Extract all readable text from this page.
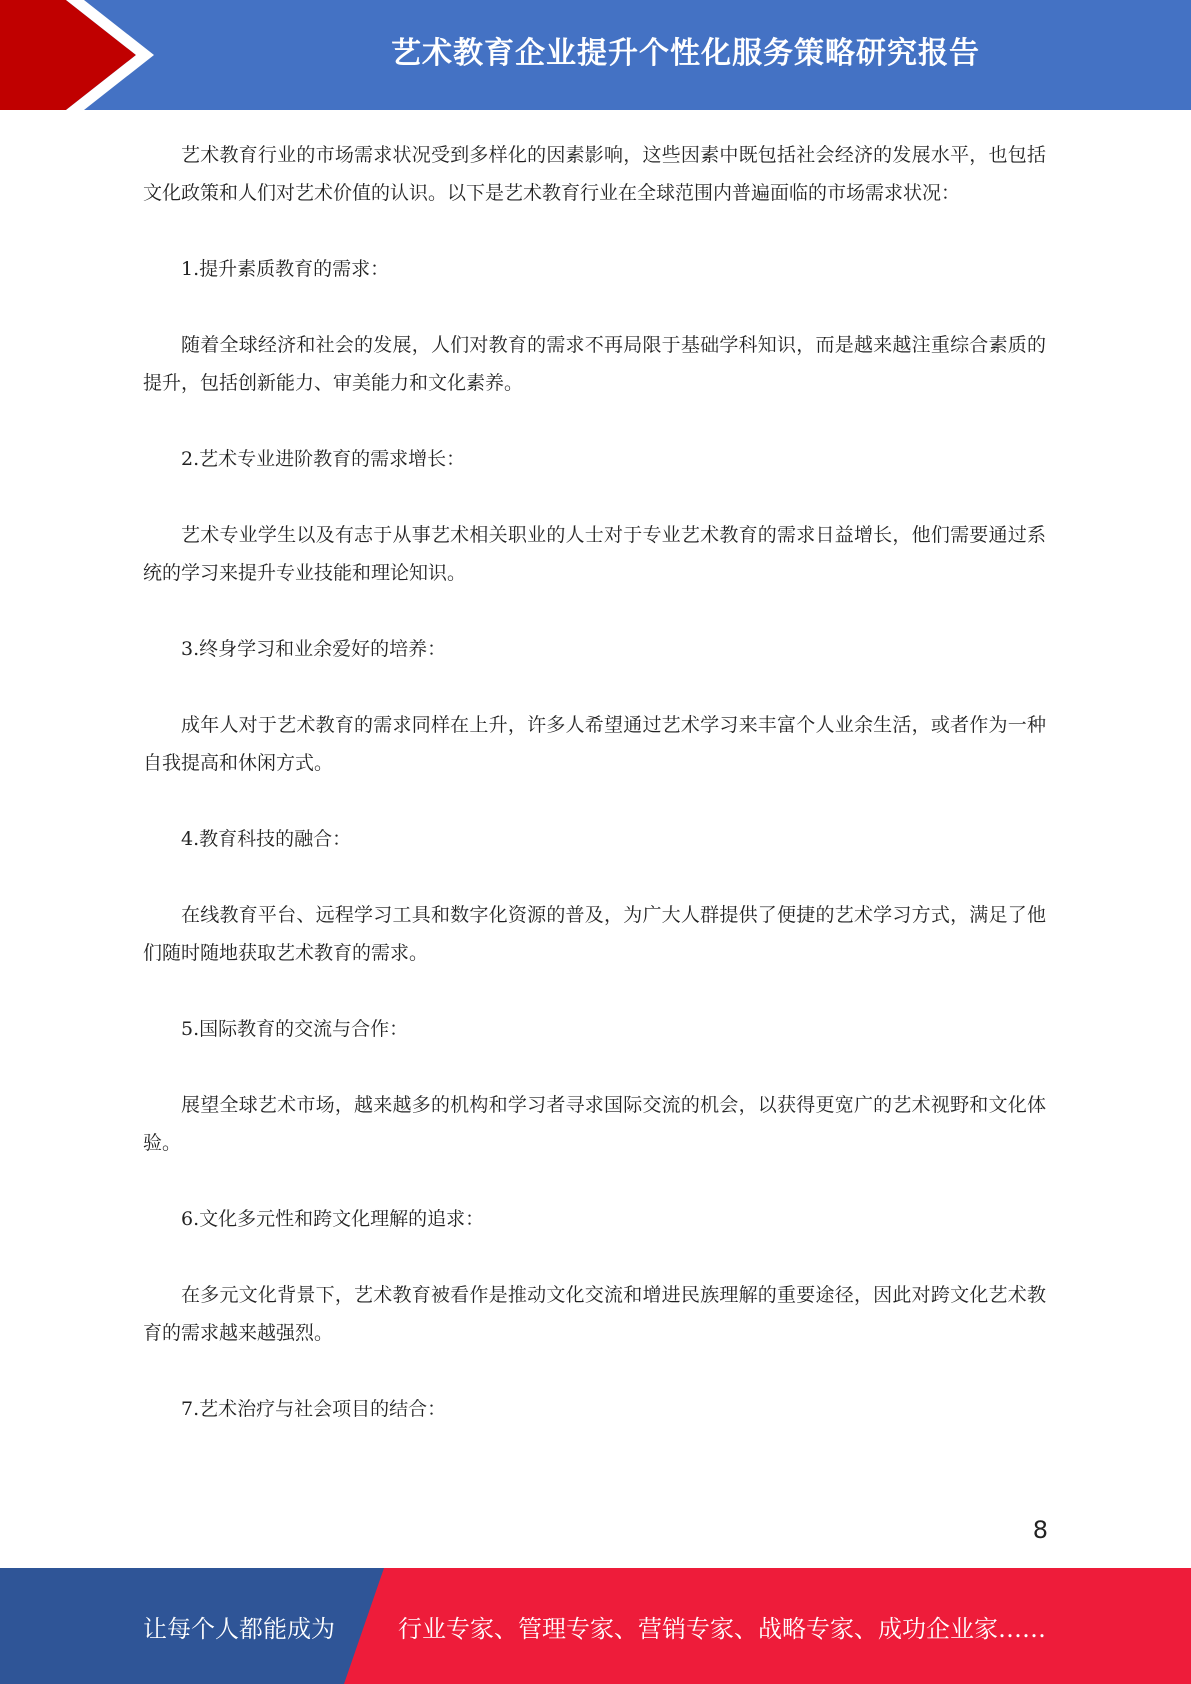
艺术教育企业提升个性化服务策略研究报告

艺术教育行业的市场需求状况受到多样化的因素影响，这些因素中既包括社会经济的发展水平，也包括文化政策和人们对艺术价值的认识。以下是艺术教育行业在全球范围内普遍面临的市场需求状况：

1.提升素质教育的需求：

随着全球经济和社会的发展，人们对教育的需求不再局限于基础学科知识，而是越来越注重综合素质的提升，包括创新能力、审美能力和文化素养。

2.艺术专业进阶教育的需求增长：

艺术专业学生以及有志于从事艺术相关职业的人士对于专业艺术教育的需求日益增长，他们需要通过系统的学习来提升专业技能和理论知识。

3.终身学习和业余爱好的培养：

成年人对于艺术教育的需求同样在上升，许多人希望通过艺术学习来丰富个人业余生活，或者作为一种自我提高和休闲方式。

4.教育科技的融合：

在线教育平台、远程学习工具和数字化资源的普及，为广大人群提供了便捷的艺术学习方式，满足了他们随时随地获取艺术教育的需求。

5.国际教育的交流与合作：

展望全球艺术市场，越来越多的机构和学习者寻求国际交流的机会，以获得更宽广的艺术视野和文化体验。

6.文化多元性和跨文化理解的追求：

在多元文化背景下，艺术教育被看作是推动文化交流和增进民族理解的重要途径，因此对跨文化艺术教育的需求越来越强烈。

7.艺术治疗与社会项目的结合：

8
让每个人都能成为	行业专家、管理专家、营销专家、战略专家、成功企业家……
